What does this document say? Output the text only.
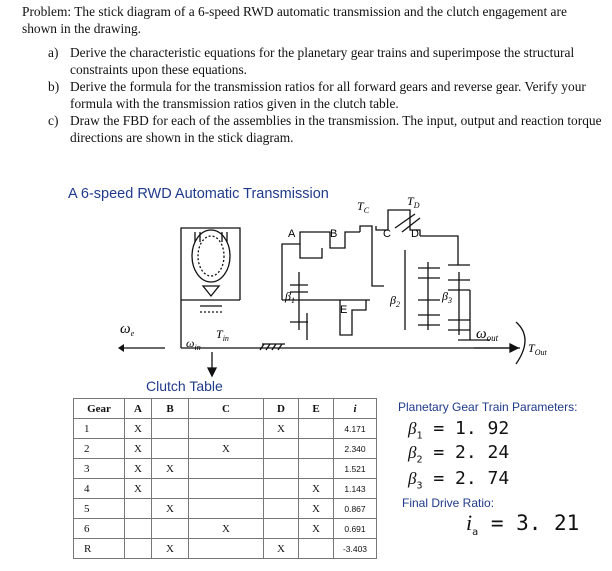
Problem: The stick diagram of a 6-speed RWD automatic transmission and the clutch engagement are shown in the drawing.
a) Derive the characteristic equations for the planetary gear trains and superimpose the structural constraints upon these equations.
b) Derive the formula for the transmission ratios for all forward gears and reverse gear. Verify your formula with the transmission ratios given in the clutch table.
c) Draw the FBD for each of the assemblies in the transmission. The input, output and reaction torque directions are shown in the stick diagram.
A 6-speed RWD Automatic Transmission
A	B	C D
E
$T_C$
$T_D$
$T_{in}$
$T_{Out}$
$\omega_e$
$\omega_{in}$
$\omega_{out}$
$\beta_1$	$\beta_2$
$\beta_3$
Clutch Table
Gear	A	B	C	D	E	i
1	X			X		4.171
2	X		X			2.340
3	X	X				1.521
4	X				X	1.143
5		X			X	0.867
6			X		X	0.691
R		X		X		-3.403
Planetary Gear Train Parameters:
$\beta_1 = 1$. 92
$\beta_2 = 2$. 24
$\beta_3 = 2$. 74
Final Drive Ratio:
$i_a = 3$. 21
